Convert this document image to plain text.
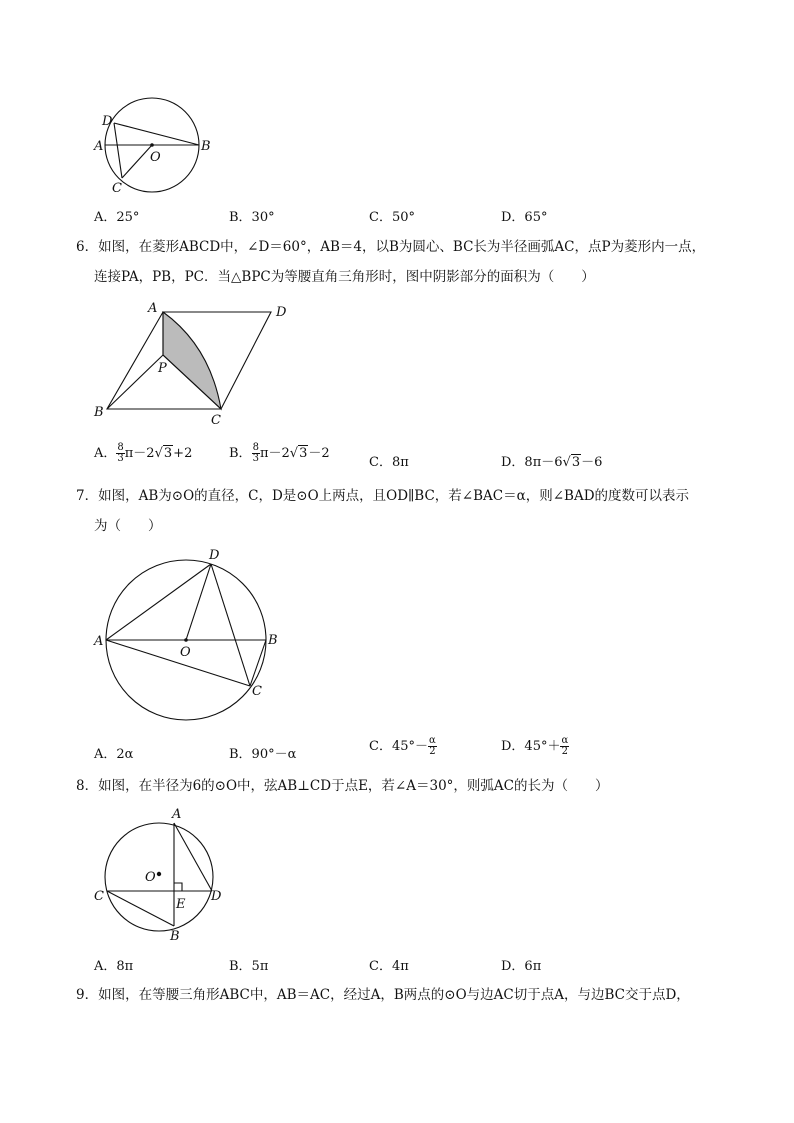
D
A
O
B
C
A．25°	B．30°	C．50°	D．65°
6．如图，在菱形ABCD中，∠D＝60°，AB＝4，以B为圆心、BC长为半径画弧AC，点P为菱形内一点，
连接PA，PB，PC．当△BPC为等腰直角三角形时，图中阴影部分的面积为（　　）
A	D
P
B
C
A． $\frac{8}{3} \pi-2√3+2$	B． $\frac{8}{3} \pi-2√3-2$
C．8π	D．8π－6√3－6
7．如图，AB为⊙O的直径，C，D是⊙O上两点，且OD∥BC，若∠BAC＝α，则∠BAD的度数可以表示
为（　　）
D
A
O
B
C
A．2α	B．90°－α
C．$45^\circ- \frac{\alpha}{2}$	D．$45^\circ+ \frac{\alpha}{2}$
8．如图，在半径为6的⊙O中，弦AB⊥CD于点E，若∠A＝30°，则弧AC的长为（　　）
A
O
C
E
D
B
A．8π	B．5π	C．4π	D．6π
9．如图，在等腰三角形ABC中，AB＝AC，经过A，B两点的⊙O与边AC切于点A，与边BC交于点D，
